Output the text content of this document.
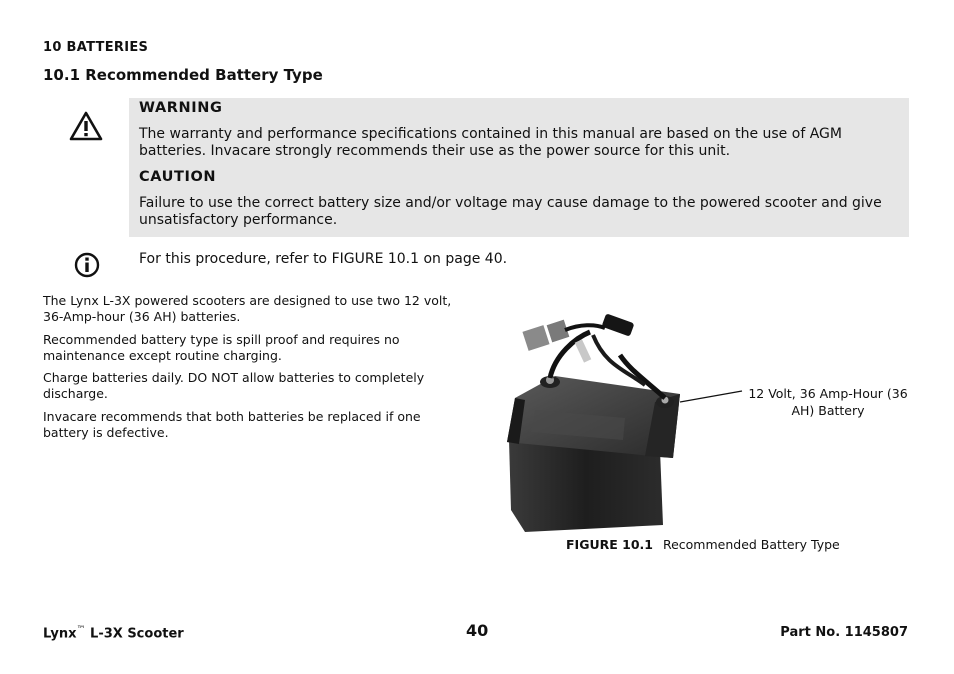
10 BATTERIES
10.1 Recommended Battery Type
WARNING
The warranty and performance specifications contained in this manual are based on the use of AGM batteries. Invacare strongly recommends their use as the power source for this unit.
CAUTION
Failure to use the correct battery size and/or voltage may cause damage to the powered scooter and give unsatisfactory performance.
For this procedure, refer to FIGURE 10.1 on page 40.
The Lynx L-3X powered scooters are designed to use two 12 volt, 36-Amp-hour (36 AH) batteries.
Recommended battery type is spill proof and requires no maintenance except routine charging.
Charge batteries daily. DO NOT allow batteries to completely discharge.
Invacare recommends that both batteries be replaced if one battery is defective.
12 Volt, 36 Amp-Hour (36 AH) Battery
FIGURE 10.1 Recommended Battery Type
Lynx™ L-3X Scooter	40	Part No. 1145807
